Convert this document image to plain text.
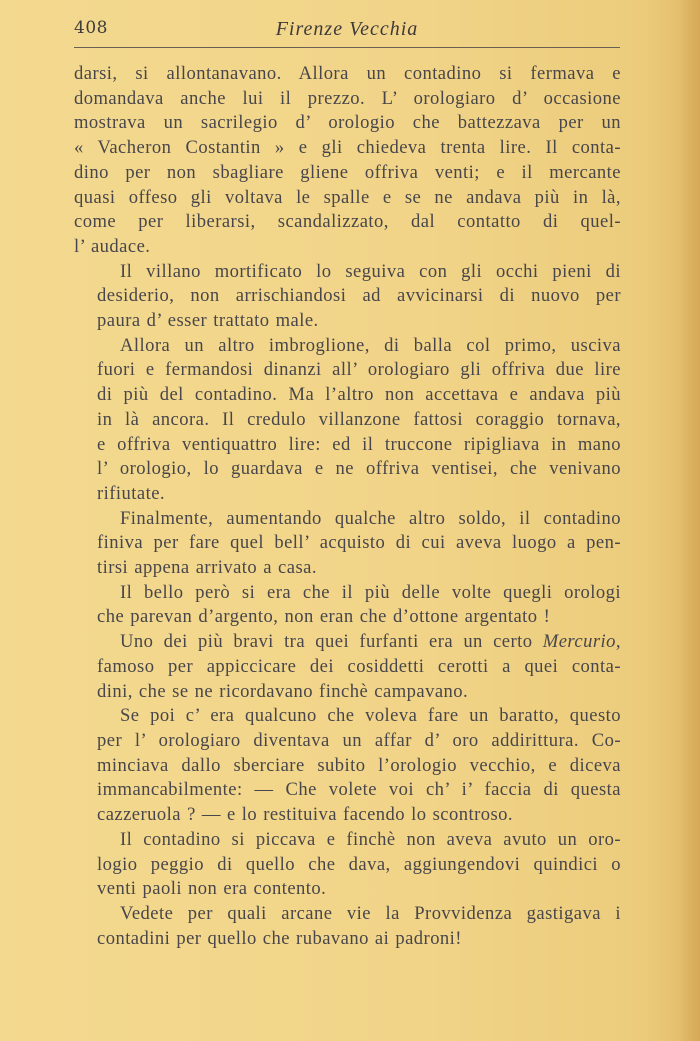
408	Firenze Vecchia
darsi, si allontanavano. Allora un contadino si fermava e
domandava anche lui il prezzo. L’ orologiaro d’ occasione
mostrava un sacrilegio d’ orologio che battezzava per un
« Vacheron Costantin » e gli chiedeva trenta lire. Il conta-
dino per non sbagliare gliene offriva venti; e il mercante
quasi offeso gli voltava le spalle e se ne andava più in là,
come per liberarsi, scandalizzato, dal contatto di quel-
l’ audace.
Il villano mortificato lo seguiva con gli occhi pieni di
desiderio, non arrischiandosi ad avvicinarsi di nuovo per
paura d’ esser trattato male.
Allora un altro imbroglione, di balla col primo, usciva
fuori e fermandosi dinanzi all’ orologiaro gli offriva due lire
di più del contadino. Ma l’altro non accettava e andava più
in là ancora. Il credulo villanzone fattosi coraggio tornava,
e offriva ventiquattro lire: ed il truccone ripigliava in mano
l’ orologio, lo guardava e ne offriva ventisei, che venivano
rifiutate.
Finalmente, aumentando qualche altro soldo, il contadino
finiva per fare quel bell’ acquisto di cui aveva luogo a pen-
tirsi appena arrivato a casa.
Il bello però si era che il più delle volte quegli orologi
che parevan d’argento, non eran che d’ottone argentato !
Uno dei più bravi tra quei furfanti era un certo Mercurio,
famoso per appiccicare dei cosiddetti cerotti a quei conta-
dini, che se ne ricordavano finchè campavano.
Se poi c’ era qualcuno che voleva fare un baratto, questo
per l’ orologiaro diventava un affar d’ oro addirittura. Co-
minciava dallo sberciare subito l’orologio vecchio, e diceva
immancabilmente: — Che volete voi ch’ i’ faccia di questa
cazzeruola ? — e lo restituiva facendo lo scontroso.
Il contadino si piccava e finchè non aveva avuto un oro-
logio peggio di quello che dava, aggiungendovi quindici o
venti paoli non era contento.
Vedete per quali arcane vie la Provvidenza gastigava i
contadini per quello che rubavano ai padroni!
